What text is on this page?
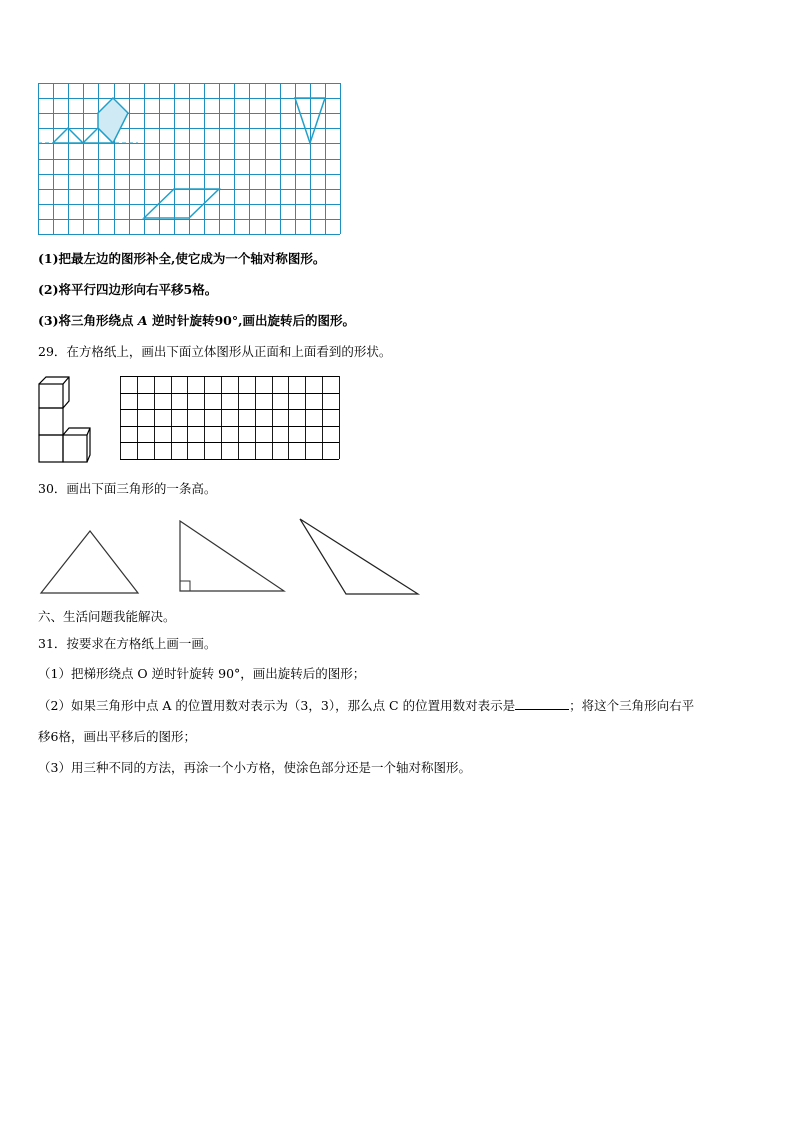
(1)把最左边的图形补全,使它成为一个轴对称图形。
(2)将平行四边形向右平移5格。
(3)将三角形绕点 A 逆时针旋转90°,画出旋转后的图形。
29．在方格纸上，画出下面立体图形从正面和上面看到的形状。
30．画出下面三角形的一条高。
六、生活问题我能解决。
31．按要求在方格纸上画一画。
（1）把梯形绕点 O 逆时针旋转 90°，画出旋转后的图形；
（2）如果三角形中点 A 的位置用数对表示为（3，3），那么点 C 的位置用数对表示是	；将这个三角形向右平
移6格，画出平移后的图形；
（3）用三种不同的方法，再涂一个小方格，使涂色部分还是一个轴对称图形。
